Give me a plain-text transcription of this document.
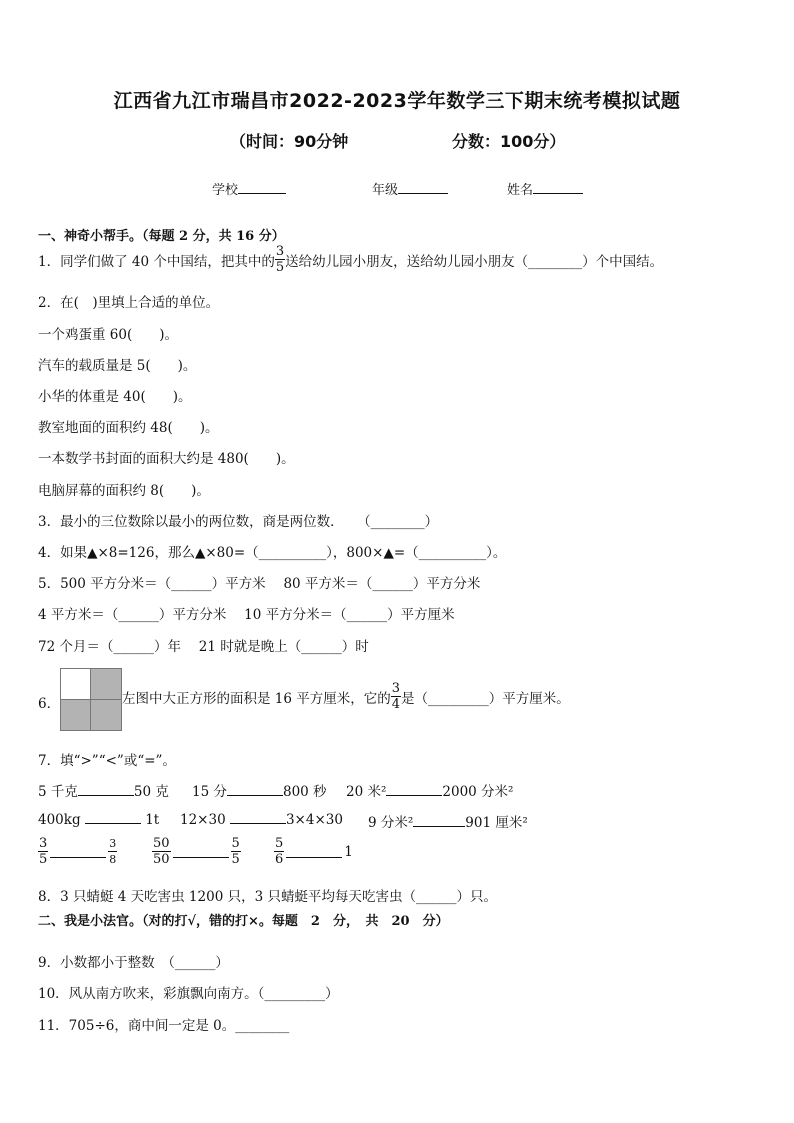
江西省九江市瑞昌市2022-2023学年数学三下期末统考模拟试题
（时间：90分钟	分数：100分）
学校	年级	姓名
一、神奇小帮手。（每题 2 分，共 16 分）
1．同学们做了 40 个中国结，把其中的 $\frac{3}{5}$ 送给幼儿园小朋友，送给幼儿园小朋友（________）个中国结。
2．在(　)里填上合适的单位。
一个鸡蛋重 60(　　)。
汽车的载质量是 5(　　)。
小华的体重是 40(　　)。
教室地面的面积约 48(　　)。
一本数学书封面的面积大约是 480(　　)。
电脑屏幕的面积约 8(　　)。
3．最小的三位数除以最小的两位数，商是两位数．　　（________）
4．如果▲×8=126，那么▲×80=（__________），800×▲=（__________）。
5．500 平方分米＝（______）平方米　 80 平方米＝（______）平方分米
4 平方米＝（______）平方分米　 10 平方分米＝（______）平方厘米
72 个月＝（______）年　 21 时就是晚上（______）时
6．	左图中大正方形的面积是 16 平方厘米，它的 $\frac{3}{4}$ 是（_________）平方厘米。
7．填“>”“<”或“=”。
5 千克	50 克 15 分	800 秒 20 米²	2000 分米²
400kg	1t 12×30	3×4×30 9 分米²	901 厘米²
$\frac{3}{5}$	$\frac{3}{8}$	$\frac{50}{50}$	$\frac{5}{5}$	$\frac{5}{6}$	1
8．3 只蜻蜓 4 天吃害虫 1200 只，3 只蜻蜓平均每天吃害虫（______）只。
二、我是小法官。（对的打√，错的打×。每题　2　分，　共　20　分）
9．小数都小于整数　（______）
10．风从南方吹来，彩旗飘向南方。（_________）
11．705÷6，商中间一定是 0。________
